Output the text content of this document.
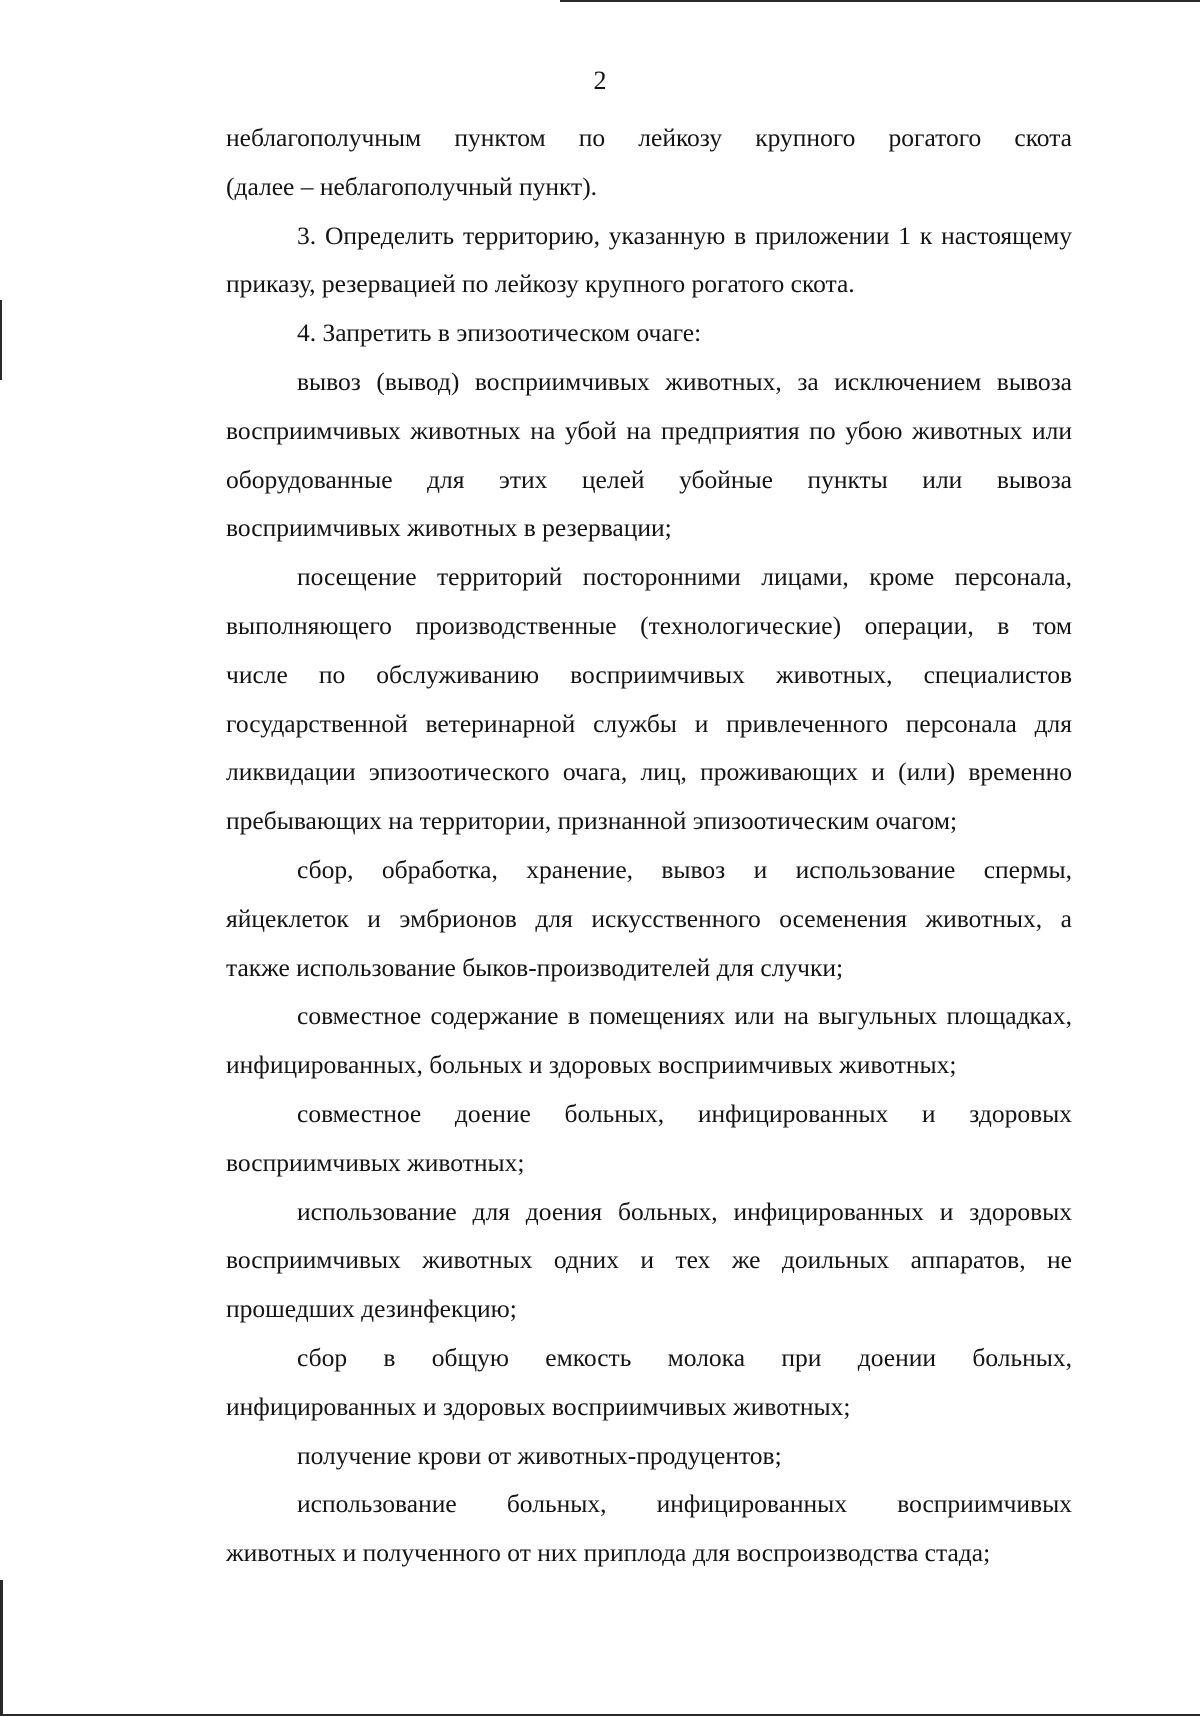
2
неблагополучным пунктом по лейкозу крупного рогатого скота
(далее – неблагополучный пункт).
3. Определить территорию, указанную в приложении 1 к настоящему
приказу, резервацией по лейкозу крупного рогатого скота.
4. Запретить в эпизоотическом очаге:
вывоз (вывод) восприимчивых животных, за исключением вывоза
восприимчивых животных на убой на предприятия по убою животных или
оборудованные для этих целей убойные пункты или вывоза
восприимчивых животных в резервации;
посещение территорий посторонними лицами, кроме персонала,
выполняющего производственные (технологические) операции, в том
числе по обслуживанию восприимчивых животных, специалистов
государственной ветеринарной службы и привлеченного персонала для
ликвидации эпизоотического очага, лиц, проживающих и (или) временно
пребывающих на территории, признанной эпизоотическим очагом;
сбор, обработка, хранение, вывоз и использование спермы,
яйцеклеток и эмбрионов для искусственного осеменения животных, а
также использование быков-производителей для случки;
совместное содержание в помещениях или на выгульных площадках,
инфицированных, больных и здоровых восприимчивых животных;
совместное доение больных, инфицированных и здоровых
восприимчивых животных;
использование для доения больных, инфицированных и здоровых
восприимчивых животных одних и тех же доильных аппаратов, не
прошедших дезинфекцию;
сбор в общую емкость молока при доении больных,
инфицированных и здоровых восприимчивых животных;
получение крови от животных-продуцентов;
использование больных, инфицированных восприимчивых
животных и полученного от них приплода для воспроизводства стада;
